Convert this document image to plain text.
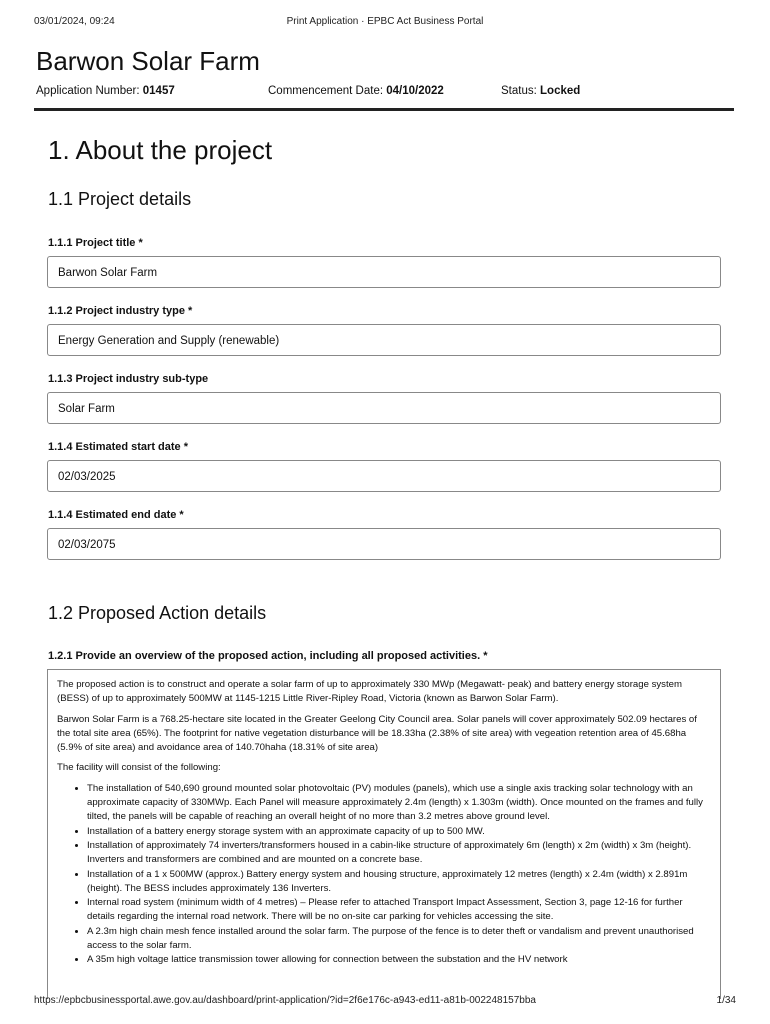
03/01/2024, 09:24	Print Application · EPBC Act Business Portal
Barwon Solar Farm
Application Number: 01457	Commencement Date: 04/10/2022	Status: Locked
1. About the project
1.1 Project details
1.1.1 Project title *
Barwon Solar Farm
1.1.2 Project industry type *
Energy Generation and Supply (renewable)
1.1.3 Project industry sub-type
Solar Farm
1.1.4 Estimated start date *
02/03/2025
1.1.4 Estimated end date *
02/03/2075
1.2 Proposed Action details
1.2.1 Provide an overview of the proposed action, including all proposed activities. *

The proposed action is to construct and operate a solar farm of up to approximately 330 MWp (Megawatt- peak) and battery energy storage system (BESS) of up to approximately 500MW at 1145-1215 Little River-Ripley Road, Victoria (known as Barwon Solar Farm).

Barwon Solar Farm is a 768.25-hectare site located in the Greater Geelong City Council area. Solar panels will cover approximately 502.09 hectares of the total site area (65%). The footprint for native vegetation disturbance will be 18.33ha (2.38% of site area) with vegeation retention area of 45.68ha (5.9% of site area) and avoidance area of 140.70haha (18.31% of site area)

The facility will consist of the following:

• The installation of 540,690 ground mounted solar photovoltaic (PV) modules (panels), which use a single axis tracking solar technology with an approximate capacity of 330MWp. Each Panel will measure approximately 2.4m (length) x 1.303m (width). Once mounted on the frames and fully tilted, the panels will be capable of reaching an overall height of no more than 3.2 metres above ground level.
• Installation of a battery energy storage system with an approximate capacity of up to 500 MW.
• Installation of approximately 74 inverters/transformers housed in a cabin-like structure of approximately 6m (length) x 2m (width) x 3m (height). Inverters and transformers are combined and are mounted on a concrete base.
• Installation of a 1 x 500MW (approx.) Battery energy system and housing structure, approximately 12 metres (length) x 2.4m (width) x 2.891m (height). The BESS includes approximately 136 Inverters.
• Internal road system (minimum width of 4 metres) – Please refer to attached Transport Impact Assessment, Section 3, page 12-16 for further details regarding the internal road network. There will be no on-site car parking for vehicles accessing the site.
• A 2.3m high chain mesh fence installed around the solar farm. The purpose of the fence is to deter theft or vandalism and prevent unauthorised access to the solar farm.
• A 35m high voltage lattice transmission tower allowing for connection between the substation and the HV network
https://epbcbusinessportal.awe.gov.au/dashboard/print-application/?id=2f6e176c-a943-ed11-a81b-002248157bba	1/34
